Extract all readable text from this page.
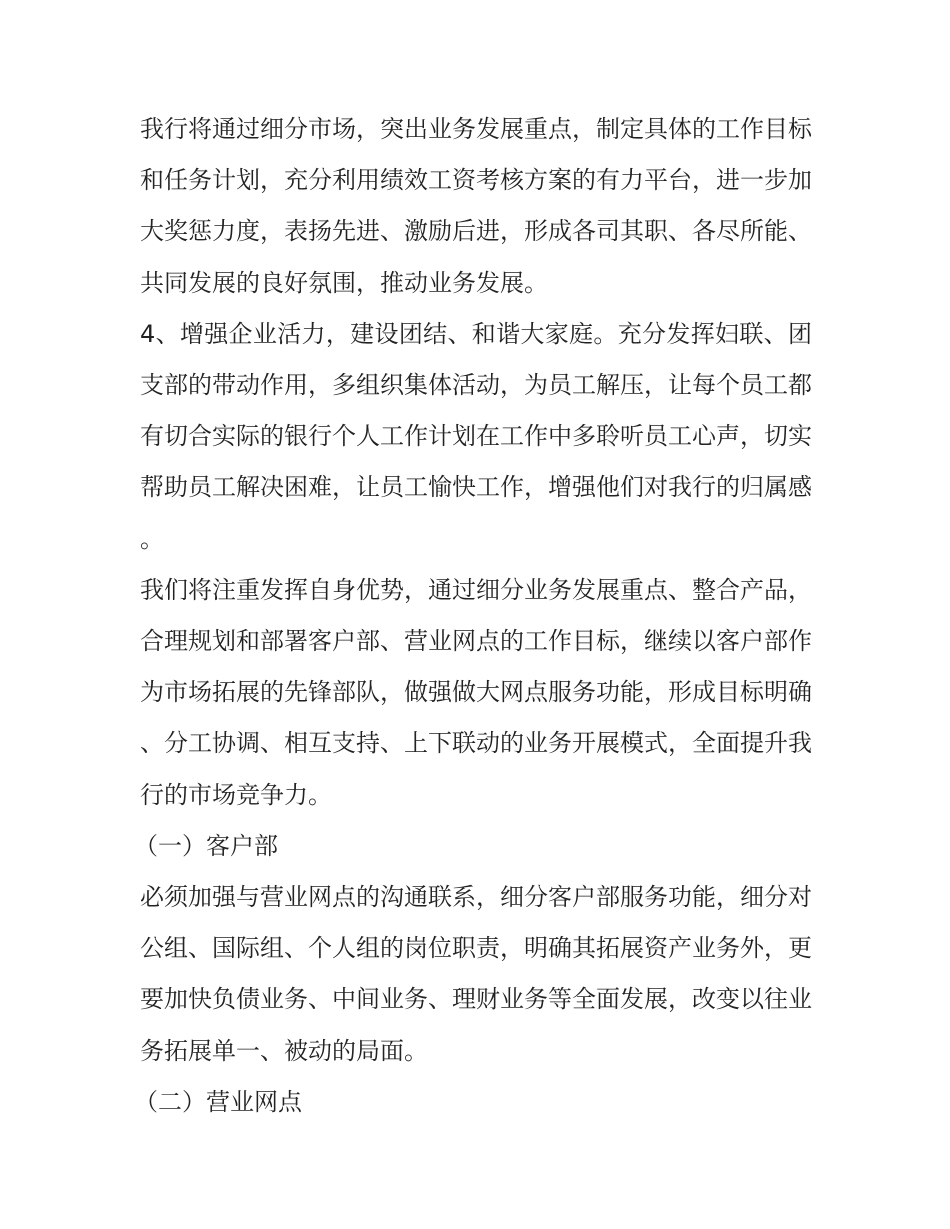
我行将通过细分市场，突出业务发展重点，制定具体的工作目标和任务计划，充分利用绩效工资考核方案的有力平台，进一步加大奖惩力度，表扬先进、激励后进，形成各司其职、各尽所能、共同发展的良好氛围，推动业务发展。

4、增强企业活力，建设团结、和谐大家庭。充分发挥妇联、团支部的带动作用，多组织集体活动，为员工解压，让每个员工都有切合实际的银行个人工作计划在工作中多聆听员工心声，切实帮助员工解决困难，让员工愉快工作，增强他们对我行的归属感。

我们将注重发挥自身优势，通过细分业务发展重点、整合产品，合理规划和部署客户部、营业网点的工作目标，继续以客户部作为市场拓展的先锋部队，做强做大网点服务功能，形成目标明确、分工协调、相互支持、上下联动的业务开展模式，全面提升我行的市场竞争力。

（一）客户部

必须加强与营业网点的沟通联系，细分客户部服务功能，细分对公组、国际组、个人组的岗位职责，明确其拓展资产业务外，更要加快负债业务、中间业务、理财业务等全面发展，改变以往业务拓展单一、被动的局面。

（二）营业网点
